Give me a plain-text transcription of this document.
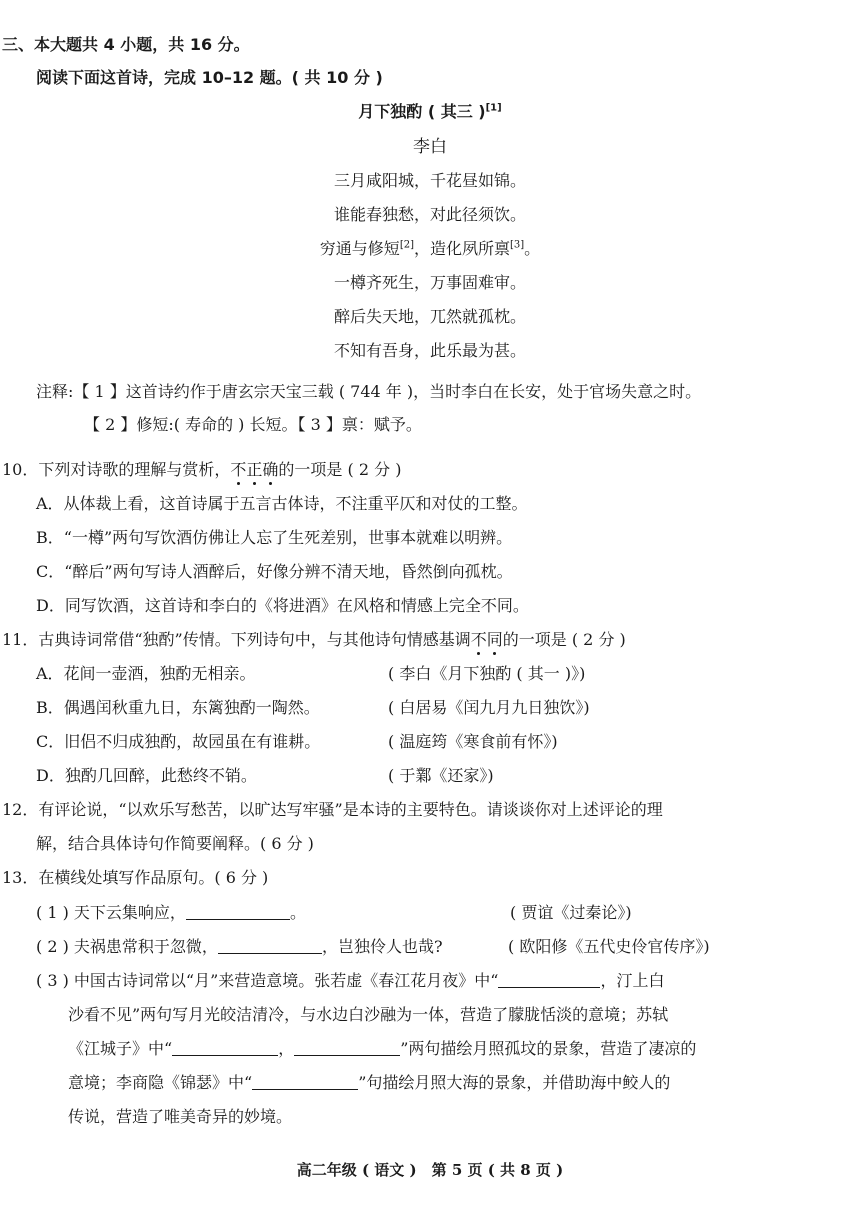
三、本大题共 4 小题，共 16 分。
阅读下面这首诗，完成 10–12 题。( 共 10 分 )
月下独酌 ( 其三 )[1]
李白
三月咸阳城，千花昼如锦。
谁能春独愁，对此径须饮。
穷通与修短[2]，造化夙所禀[3]。
一樽齐死生，万事固难审。
醉后失天地，兀然就孤枕。
不知有吾身，此乐最为甚。
注释:【 1 】这首诗约作于唐玄宗天宝三载 ( 744 年 )，当时李白在长安，处于官场失意之时。
【 2 】修短:( 寿命的 ) 长短。【 3 】禀：赋予。
10．下列对诗歌的理解与赏析，不正确的一项是 ( 2 分 )
A．从体裁上看，这首诗属于五言古体诗，不注重平仄和对仗的工整。
B．“一樽”两句写饮酒仿佛让人忘了生死差别，世事本就难以明辨。
C．“醉后”两句写诗人酒醉后，好像分辨不清天地，昏然倒向孤枕。
D．同写饮酒，这首诗和李白的《将进酒》在风格和情感上完全不同。
11．古典诗词常借“独酌”传情。下列诗句中，与其他诗句情感基调不同的一项是 ( 2 分 )
A．花间一壶酒，独酌无相亲。	( 李白《月下独酌 ( 其一 )》)
B．偶遇闰秋重九日，东篱独酌一陶然。	( 白居易《闰九月九日独饮》)
C．旧侣不归成独酌，故园虽在有谁耕。	( 温庭筠《寒食前有怀》)
D．独酌几回醉，此愁终不销。	( 于鄴《还家》)
12．有评论说，“以欢乐写愁苦，以旷达写牢骚”是本诗的主要特色。请谈谈你对上述评论的理
解，结合具体诗句作简要阐释。( 6 分 )
13．在横线处填写作品原句。( 6 分 )
( 1 ) 天下云集响应，	。	( 贾谊《过秦论》)
( 2 ) 夫祸患常积于忽微，	，岂独伶人也哉?	( 欧阳修《五代史伶官传序》)
( 3 ) 中国古诗词常以“月”来营造意境。张若虚《春江花月夜》中“	，汀上白
沙看不见”两句写月光皎洁清冷，与水边白沙融为一体，营造了朦胧恬淡的意境；苏轼
《江城子》中“	，	”两句描绘月照孤坟的景象，营造了凄凉的
意境；李商隐《锦瑟》中“	”句描绘月照大海的景象，并借助海中鲛人的
传说，营造了唯美奇异的妙境。
高二年级 ( 语文 )　第 5 页 ( 共 8 页 )
